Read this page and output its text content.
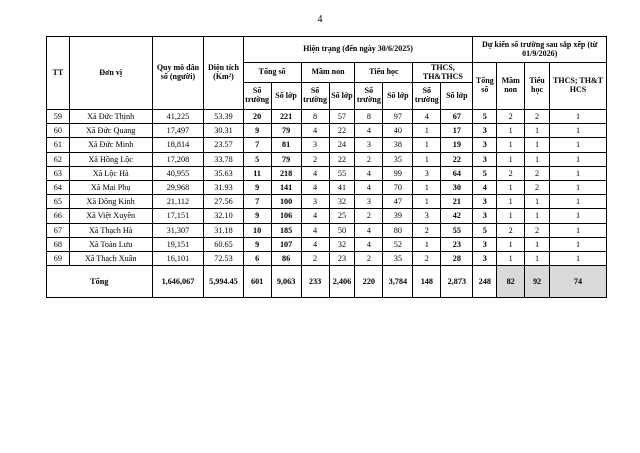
4
TT	Đơn vị	Quy mô dân số (người)	Diện tích (Km²)	Hiện trạng (đến ngày 30/6/2025)								Dự kiến số trường sau sắp xếp (từ 01/9/2026)			
				Tổng số		Mầm non		Tiểu học		THCS, TH&THCS		Tổng số	Mầm non	Tiểu học	THCS; TH&T HCS
				Số trường	Số lớp	Số trường	Số lớp	Số trường	Số lớp	Số trường	Số lớp				
59	Xã Đức Thịnh	41,225	53.39	20	221	8	57	8	97	4	67	5	2	2	1
60	Xã Đức Quang	17,497	30.31	9	79	4	22	4	40	1	17	3	1	1	1
61	Xã Đức Minh	18,814	23.57	7	81	3	24	3	38	1	19	3	1	1	1
62	Xã Hồng Lộc	17,208	33.78	5	79	2	22	2	35	1	22	3	1	1	1
63	Xã Lộc Hà	40,955	35.63	11	218	4	55	4	99	3	64	5	2	2	1
64	Xã Mai Phụ	29,968	31.93	9	141	4	41	4	70	1	30	4	1	2	1
65	Xã Đông Kinh	21,112	27.56	7	100	3	32	3	47	1	21	3	1	1	1
66	Xã Việt Xuyên	17,151	32.10	9	106	4	25	2	39	3	42	3	1	1	1
67	Xã Thạch Hà	31,307	31.18	10	185	4	50	4	80	2	55	5	2	2	1
68	Xã Toàn Lưu	19,151	60.65	9	107	4	32	4	52	1	23	3	1	1	1
69	Xã Thạch Xuân	16,101	72.53	6	86	2	23	2	35	2	28	3	1	1	1
Tổng		1,646,067	5,994.45	601	9,063	233	2,406	220	3,784	148	2,873	248	82	92	74
